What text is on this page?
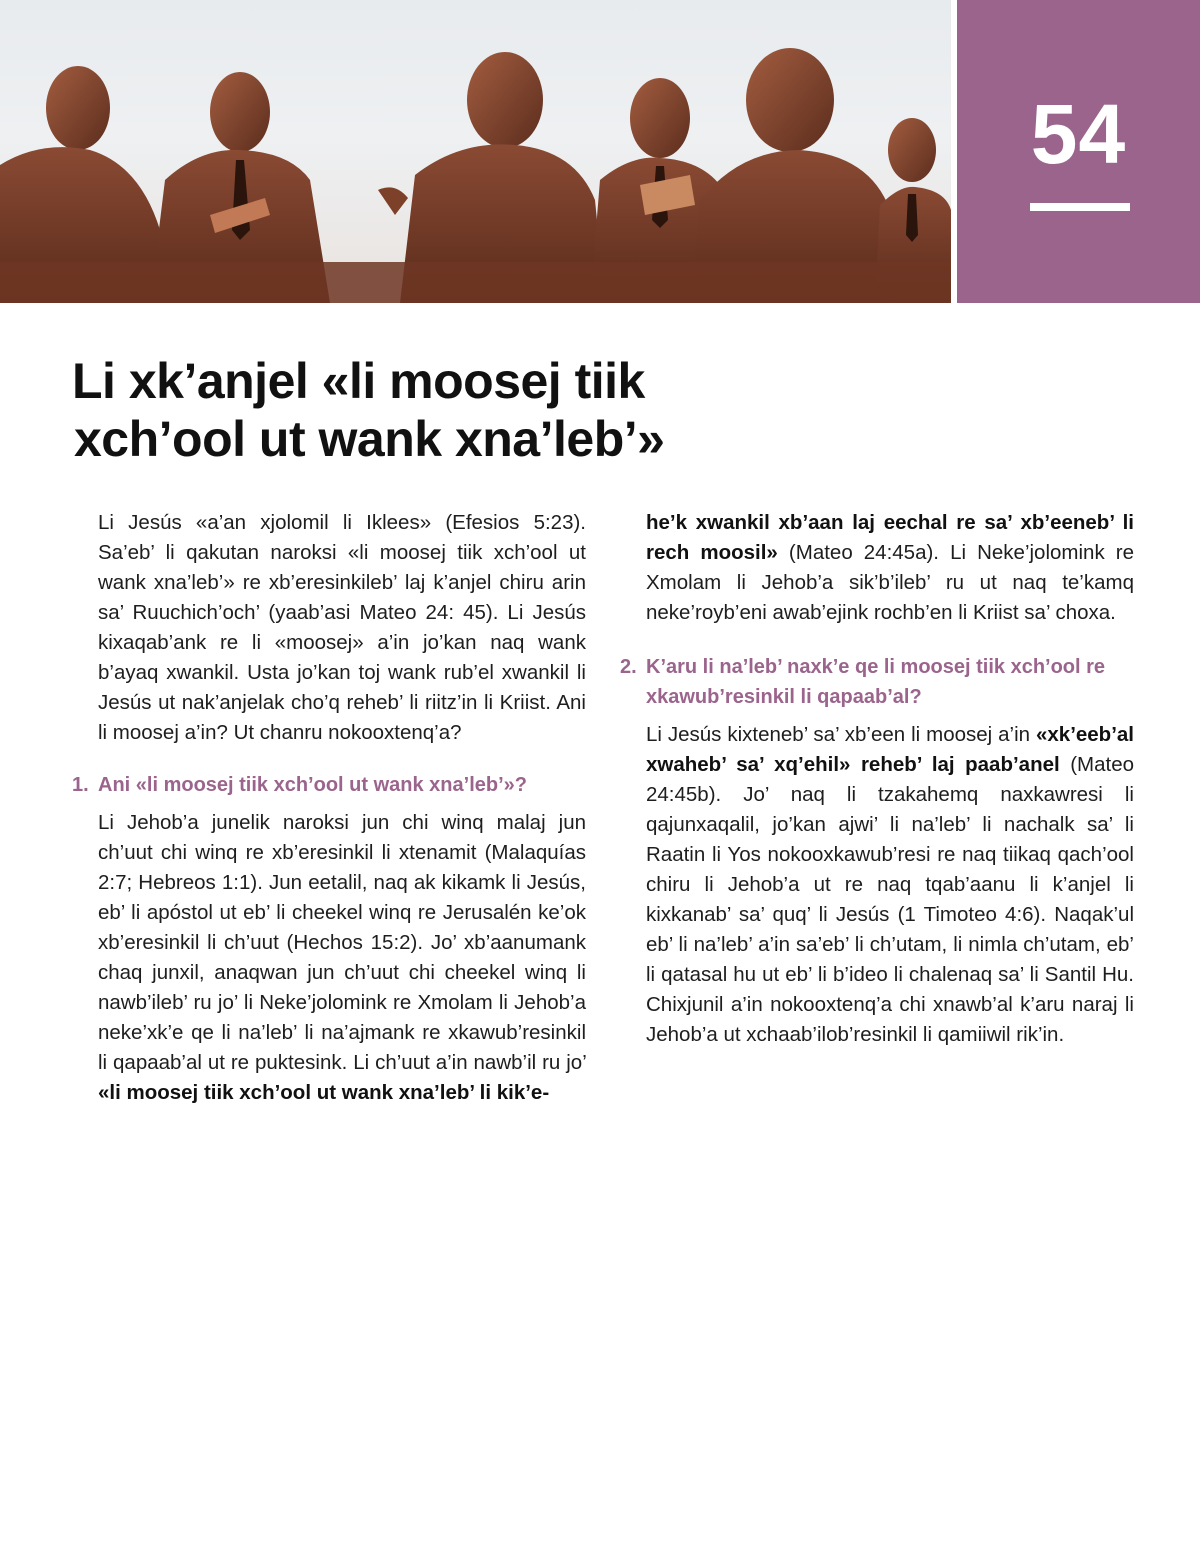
54
Li xk’anjel «li moosej tiik
xch’ool ut wank xna’leb’»

Li Jesús «a’an xjolomil li Iklees» (Efesios 5:23). Sa’eb’ li qakutan naroksi «li moosej tiik xch’ool ut wank xna’leb’» re xb’eresinkileb’ laj k’anjel chiru arin sa’ Ruuchich’och’ (yaab’asi Mateo 24: 45). Li Jesús kixaqab’ank re li «moosej» a’in jo’kan naq wank b’ayaq xwankil. Usta jo’kan toj wank rub’el xwankil li Jesús ut nak’anjelak cho’q reheb’ li riitz’in li Kriist. Ani li moosej a’in? Ut chanru nokooxtenq’a?

1. Ani «li moosej tiik xch’ool ut wank xna’leb’»?

Li Jehob’a junelik naroksi jun chi winq malaj jun ch’uut chi winq re xb’eresinkil li xtenamit (Malaquías 2:7; Hebreos 1:1). Jun eetalil, naq ak kikamk li Jesús, eb’ li apóstol ut eb’ li cheekel winq re Jerusalén ke’ok xb’eresinkil li ch’uut (Hechos 15:2). Jo’ xb’aanumank chaq junxil, anaqwan jun ch’uut chi cheekel winq li nawb’ileb’ ru jo’ li Neke’jolomink re Xmolam li Jehob’a neke’xk’e qe li na’leb’ li na’ajmank re xkawub’resinkil li qapaab’al ut re puktesink. Li ch’uut a’in nawb’il ru jo’ «li moosej tiik xch’ool ut wank xna’leb’ li kik’e-

he’k xwankil xb’aan laj eechal re sa’ xb’eeneb’ li rech moosil» (Mateo 24:45a). Li Neke’jolomink re Xmolam li Jehob’a sik’b’ileb’ ru ut naq te’kamq neke’royb’eni awab’ejink rochb’en li Kriist sa’ choxa.

2. K’aru li na’leb’ naxk’e qe li moosej tiik xch’ool re xkawub’resinkil li qapaab’al?

Li Jesús kixteneb’ sa’ xb’een li moosej a’in «xk’eeb’al xwaheb’ sa’ xq’ehil» reheb’ laj paab’anel (Mateo 24:45b). Jo’ naq li tzakahemq naxkawresi li qajunxaqalil, jo’kan ajwi’ li na’leb’ li nachalk sa’ li Raatin li Yos nokooxkawub’resi re naq tiikaq qach’ool chiru li Jehob’a ut re naq tqab’aanu li k’anjel li kixkanab’ sa’ quq’ li Jesús (1 Timoteo 4:6). Naqak’ul eb’ li na’leb’ a’in sa’eb’ li ch’utam, li nimla ch’utam, eb’ li qatasal hu ut eb’ li b’ideo li chalenaq sa’ li Santil Hu. Chixjunil a’in nokooxtenq’a chi xnawb’al k’aru naraj li Jehob’a ut xchaab’ilob’resinkil li qamiiwil rik’in.
